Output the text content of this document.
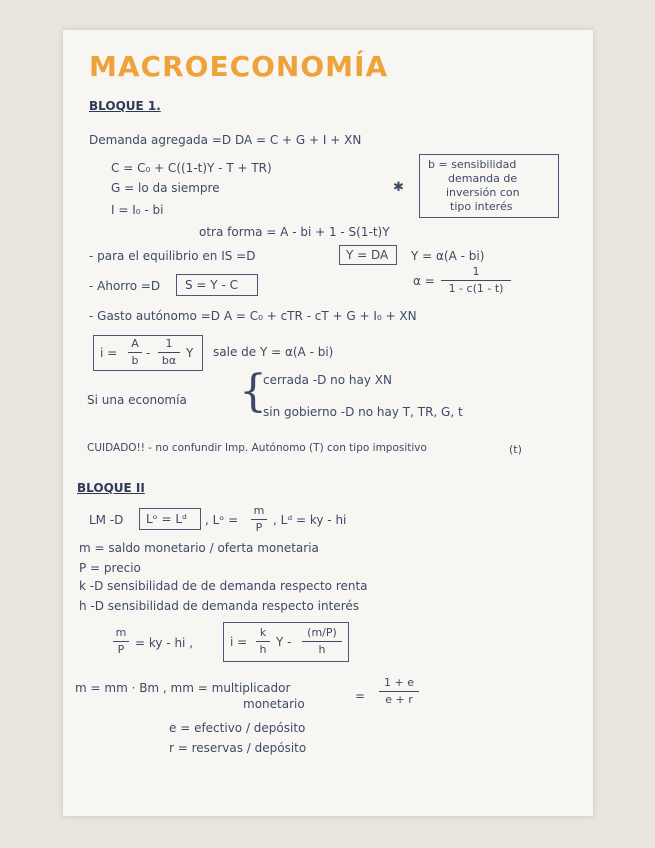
MACROECONOMÍA
BLOQUE 1.
Demanda agregada =D DA = C + G + I + XN
C = C₀ + C((1-t)Y - T + TR)
G = lo da siempre
I = I₀ - bi
✱
b = sensibilidad
demanda de
inversión con
tipo interés
otra forma = A - bi + 1 - S(1-t)Y
- para el equilibrio en IS =D	Y = DA Y = α(A - bi)
- Ahorro =D S = Y - C	α =
1
1 - c(1 - t)
- Gasto autónomo =D A = C₀ + cTR - cT + G + I₀ + XN
i =
A
b
-
1
bα
Y sale de Y = α(A - bi)
Si una economía {
cerrada -D no hay XN
sin gobierno -D no hay T, TR, G, t
CUIDADO!! - no confundir Imp. Autónomo (T) con tipo impositivo	(t)
BLOQUE II
LM -D Lᵒ = Lᵈ , Lᵒ =
m
P
, Lᵈ = ky - hi
m = saldo monetario / oferta monetaria
P = precio
k -D sensibilidad de de demanda respecto renta
h -D sensibilidad de demanda respecto interés
m
P = ky - hi ,	i =
k
h
Y -
(m/P)
h
m = mm · Bm , mm = multiplicador
monetario
=
1 + e
e + r
e = efectivo / depósito
r = reservas / depósito
